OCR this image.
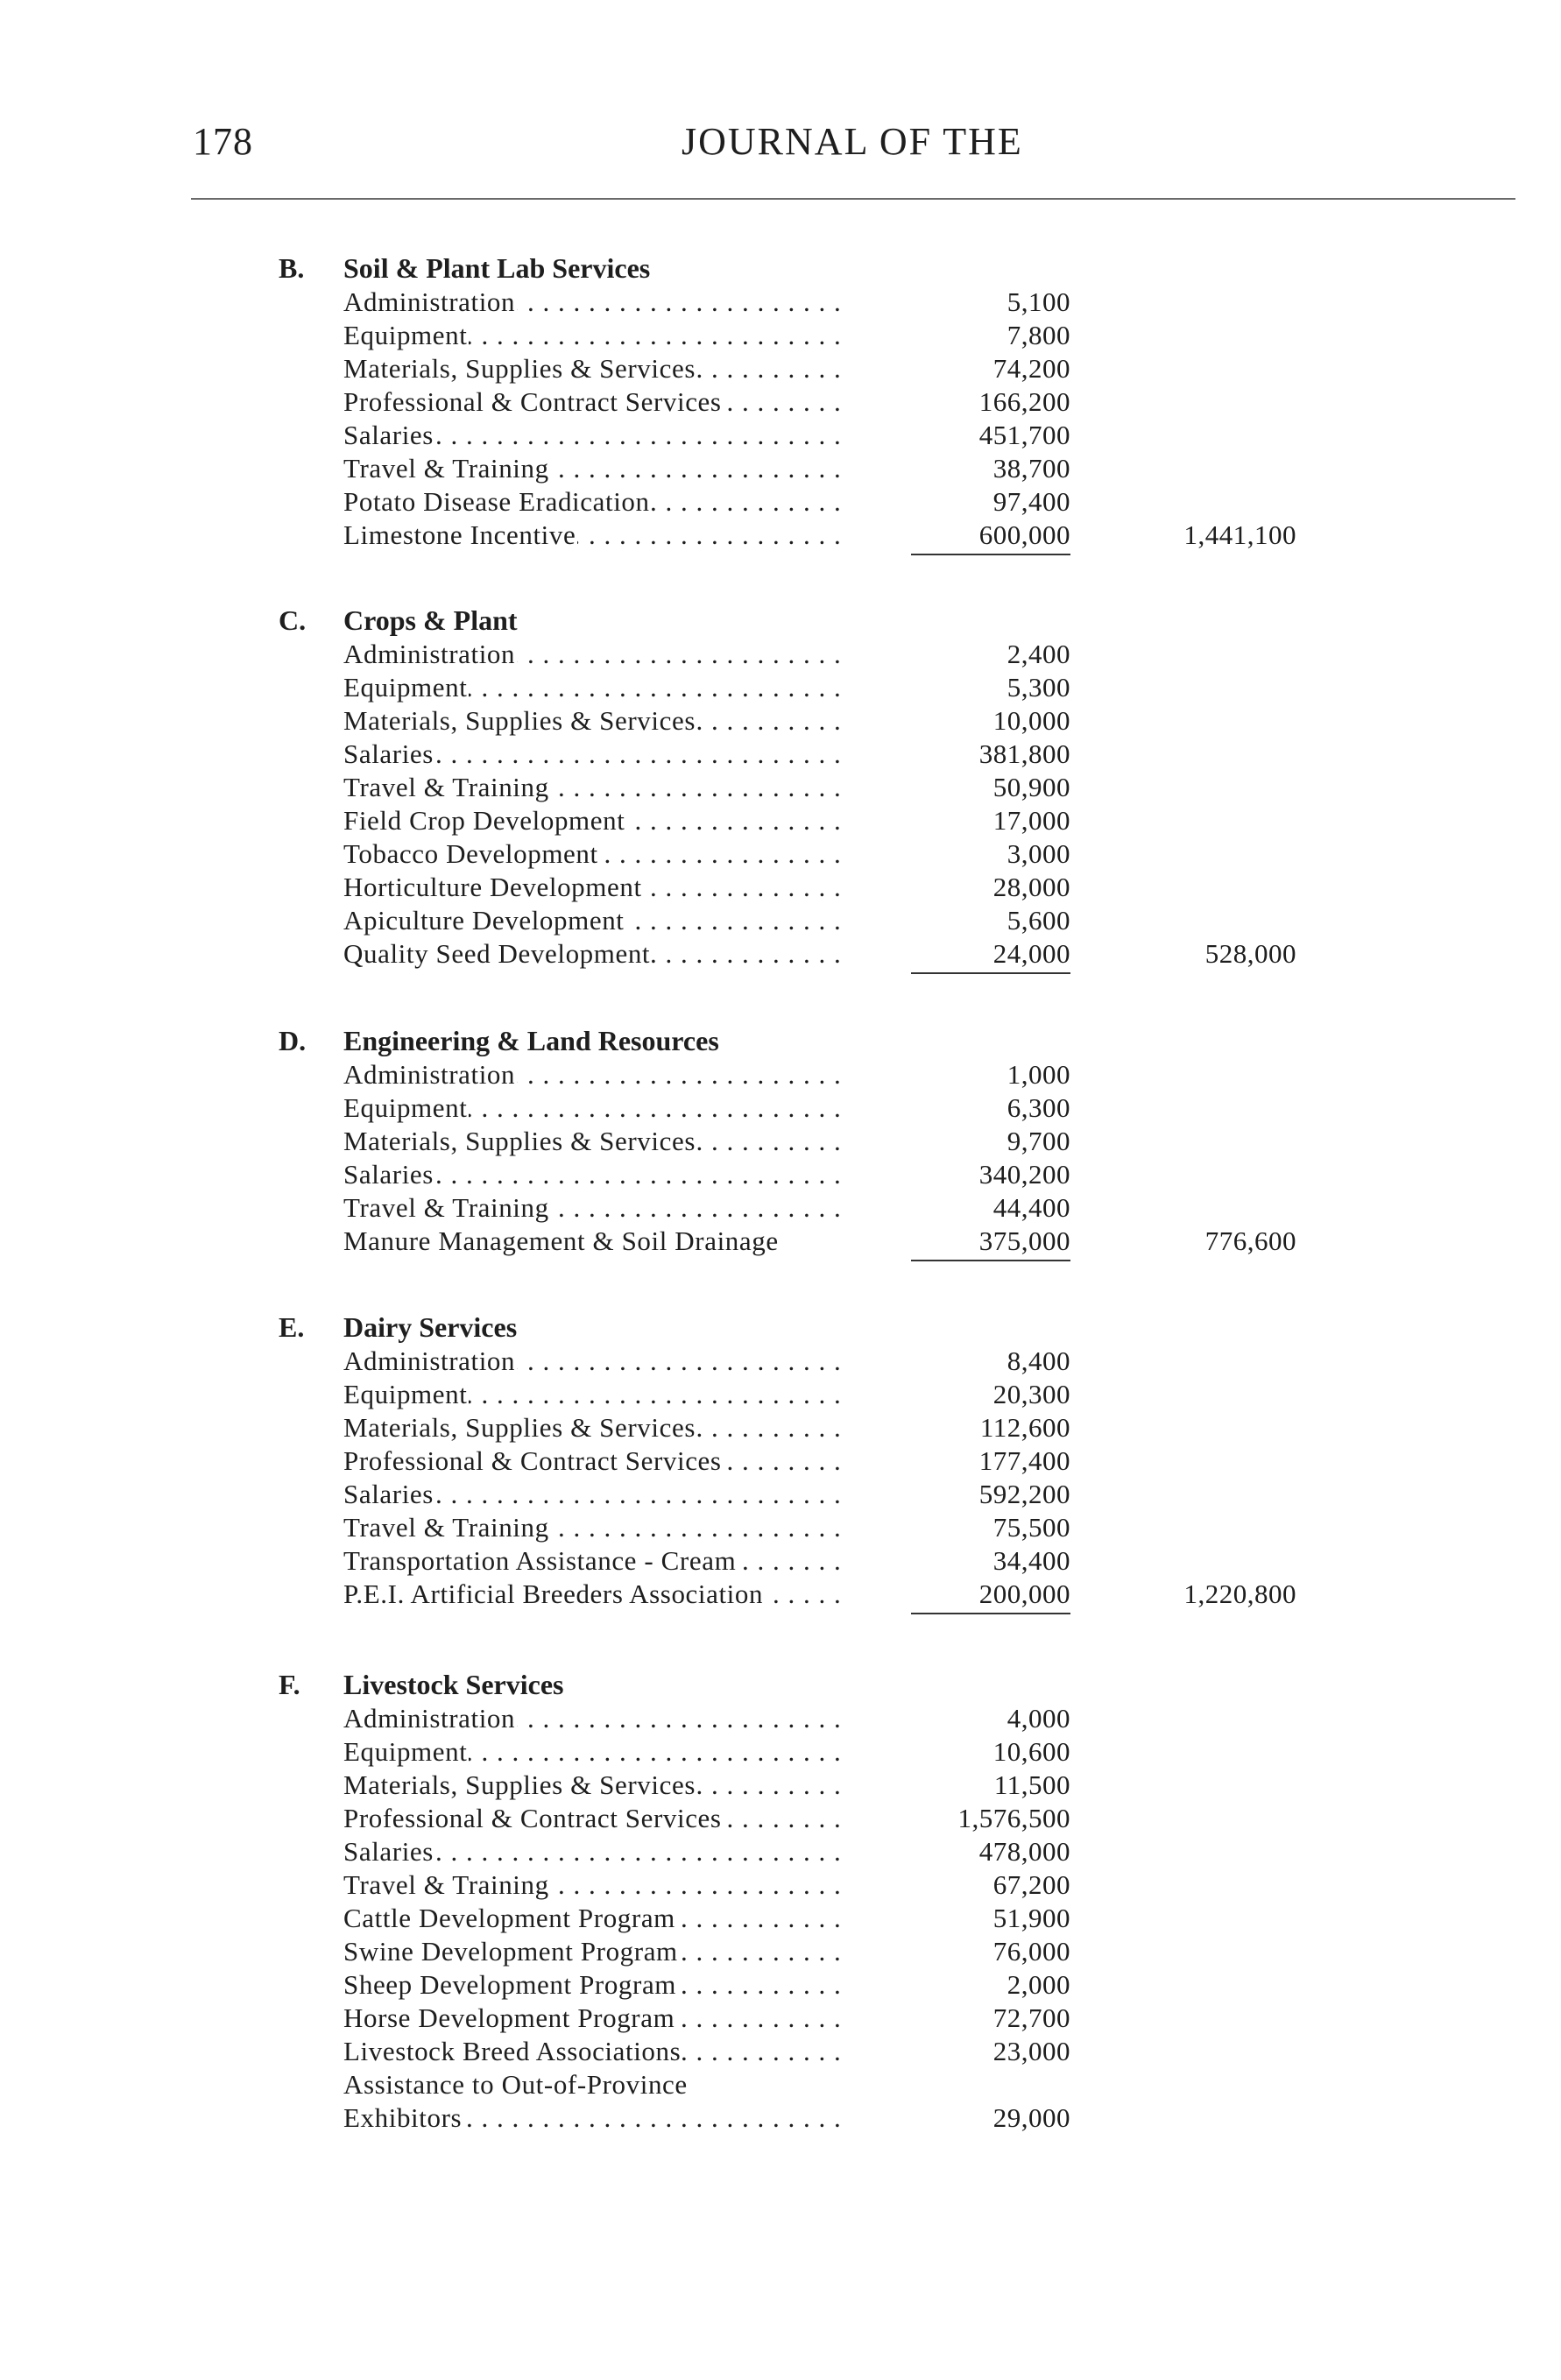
178	JOURNAL OF THE
B. Soil & Plant Lab Services
Administration . . .	5,100
Equipment . . .	7,800
Materials, Supplies & Services . . .	74,200
Professional & Contract Services . . .	166,200
Salaries . . .	451,700
Travel & Training . . .	38,700
Potato Disease Eradication . . .	97,400
Limestone Incentive . . .	600,000	1,441,100
C. Crops & Plant
Administration . . .	2,400
Equipment . . .	5,300
Materials, Supplies & Services . . .	10,000
Salaries . . .	381,800
Travel & Training . . .	50,900
Field Crop Development . . .	17,000
Tobacco Development . . .	3,000
Horticulture Development . . .	28,000
Apiculture Development . . .	5,600
Quality Seed Development . . .	24,000	528,000
D. Engineering & Land Resources
Administration . . .	1,000
Equipment . . .	6,300
Materials, Supplies & Services . . .	9,700
Salaries . . .	340,200
Travel & Training . . .	44,400
Manure Management & Soil Drainage	375,000	776,600
E. Dairy Services
Administration . . .	8,400
Equipment . . .	20,300
Materials, Supplies & Services . . .	112,600
Professional & Contract Services . . .	177,400
Salaries . . .	592,200
Travel & Training . . .	75,500
Transportation Assistance - Cream . . .	34,400
P.E.I. Artificial Breeders Association . . .	200,000	1,220,800
F. Livestock Services
Administration . . .	4,000
Equipment . . .	10,600
Materials, Supplies & Services . . .	11,500
Professional & Contract Services . . .	1,576,500
Salaries . . .	478,000
Travel & Training . . .	67,200
Cattle Development Program . . .	51,900
Swine Development Program . . .	76,000
Sheep Development Program . . .	2,000
Horse Development Program . . .	72,700
Livestock Breed Associations . . .	23,000
Assistance to Out-of-Province
Exhibitors . . .	29,000
